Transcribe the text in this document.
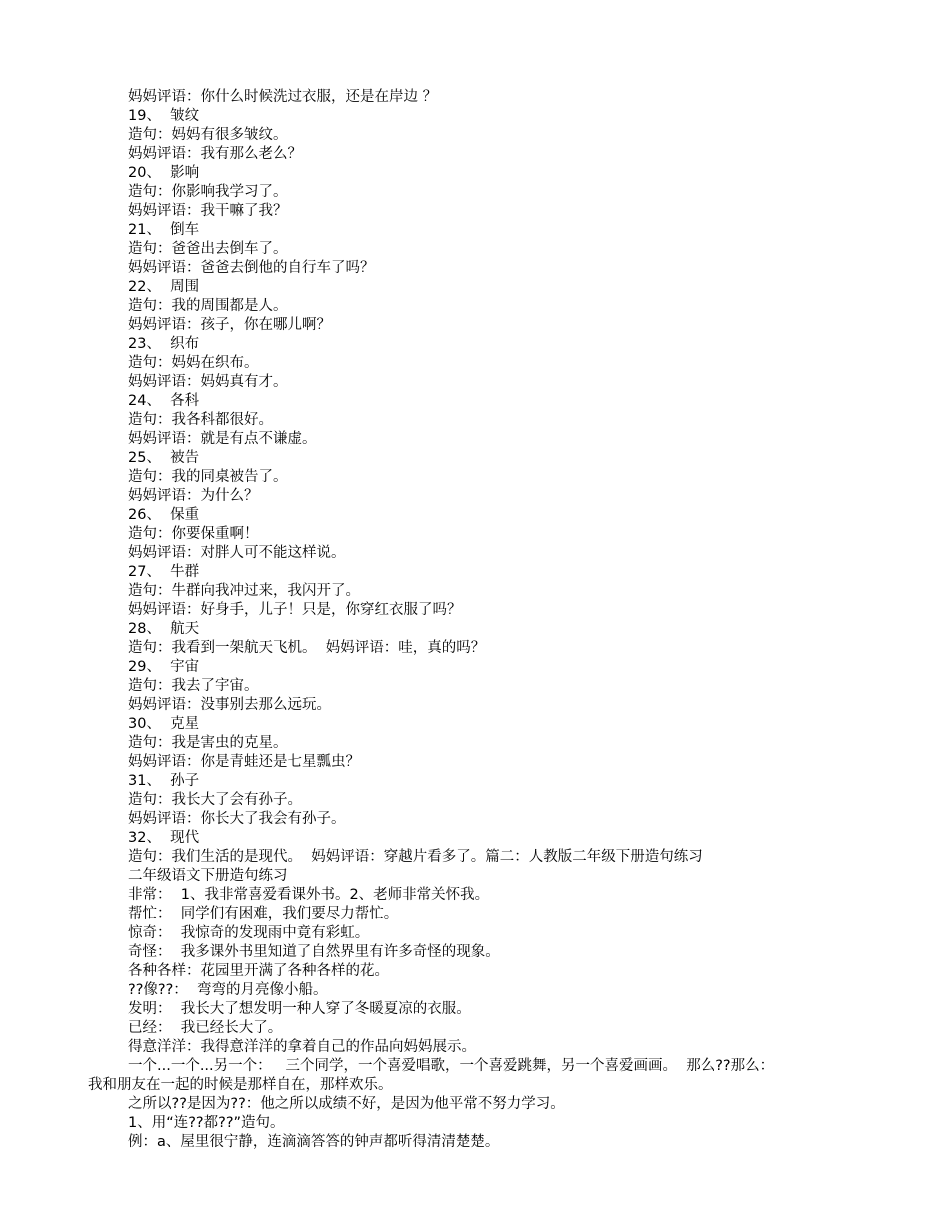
妈妈评语：你什么时候洗过衣服，还是在岸边 ？
19、  皱纹
造句：妈妈有很多皱纹。
妈妈评语：我有那么老么？
20、  影响
造句：你影响我学习了。
妈妈评语：我干嘛了我？
21、  倒车
造句：爸爸出去倒车了。
妈妈评语：爸爸去倒他的自行车了吗？
22、  周围
造句：我的周围都是人。
妈妈评语：孩子，你在哪儿啊？
23、  织布
造句：妈妈在织布。
妈妈评语：妈妈真有才。
24、  各科
造句：我各科都很好。
妈妈评语：就是有点不谦虚。
25、  被告
造句：我的同桌被告了。
妈妈评语：为什么？
26、  保重
造句：你要保重啊！
妈妈评语：对胖人可不能这样说。
27、  牛群
造句：牛群向我冲过来，我闪开了。
妈妈评语：好身手，儿子！只是，你穿红衣服了吗？
28、  航天
造句：我看到一架航天飞机。  妈妈评语：哇，真的吗？
29、  宇宙
造句：我去了宇宙。
妈妈评语：没事别去那么远玩。
30、  克星
造句：我是害虫的克星。
妈妈评语：你是青蛙还是七星瓢虫？
31、  孙子
造句：我长大了会有孙子。
妈妈评语：你长大了我会有孙子。
32、  现代
造句：我们生活的是现代。  妈妈评语：穿越片看多了。篇二：人教版二年级下册造句练习
二年级语文下册造句练习
非常：  1、我非常喜爱看课外书。2、老师非常关怀我。
帮忙：  同学们有困难，我们要尽力帮忙。
惊奇：  我惊奇的发现雨中竟有彩虹。
奇怪：  我多课外书里知道了自然界里有许多奇怪的现象。
各种各样：花园里开满了各种各样的花。
??像??：  弯弯的月亮像小船。
发明：  我长大了想发明一种人穿了冬暖夏凉的衣服。
已经：  我已经长大了。
得意洋洋：我得意洋洋的拿着自己的作品向妈妈展示。
一个...一个...另一个：   三个同学，一个喜爱唱歌，一个喜爱跳舞，另一个喜爱画画。  那么??那么：
我和朋友在一起的时候是那样自在，那样欢乐。
之所以??是因为??：他之所以成绩不好，是因为他平常不努力学习。
1、用“连??都??”造句。
例：a、屋里很宁静，连滴滴答答的钟声都听得清清楚楚。
